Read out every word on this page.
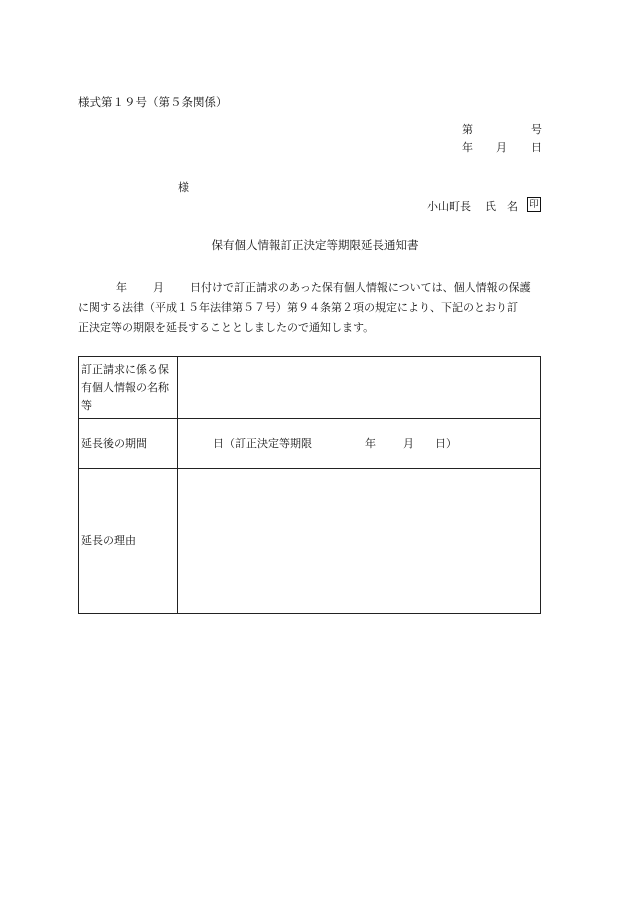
様式第１９号（第５条関係）
第	号
年 月 日
様
小山町長 氏 名 印
保有個人情報訂正決定等期限延長通知書
年 月 日付けで訂正請求のあった保有個人情報については、個人情報の保護
に関する法律（平成１５年法律第５７号）第９４条第２項の規定により、下記のとおり訂
正決定等の期限を延長することとしましたので通知します。
訂正請求に係る保有個人情報の名称等
延長後の期間	日（訂正決定等期限	年 月 日）
延長の理由
